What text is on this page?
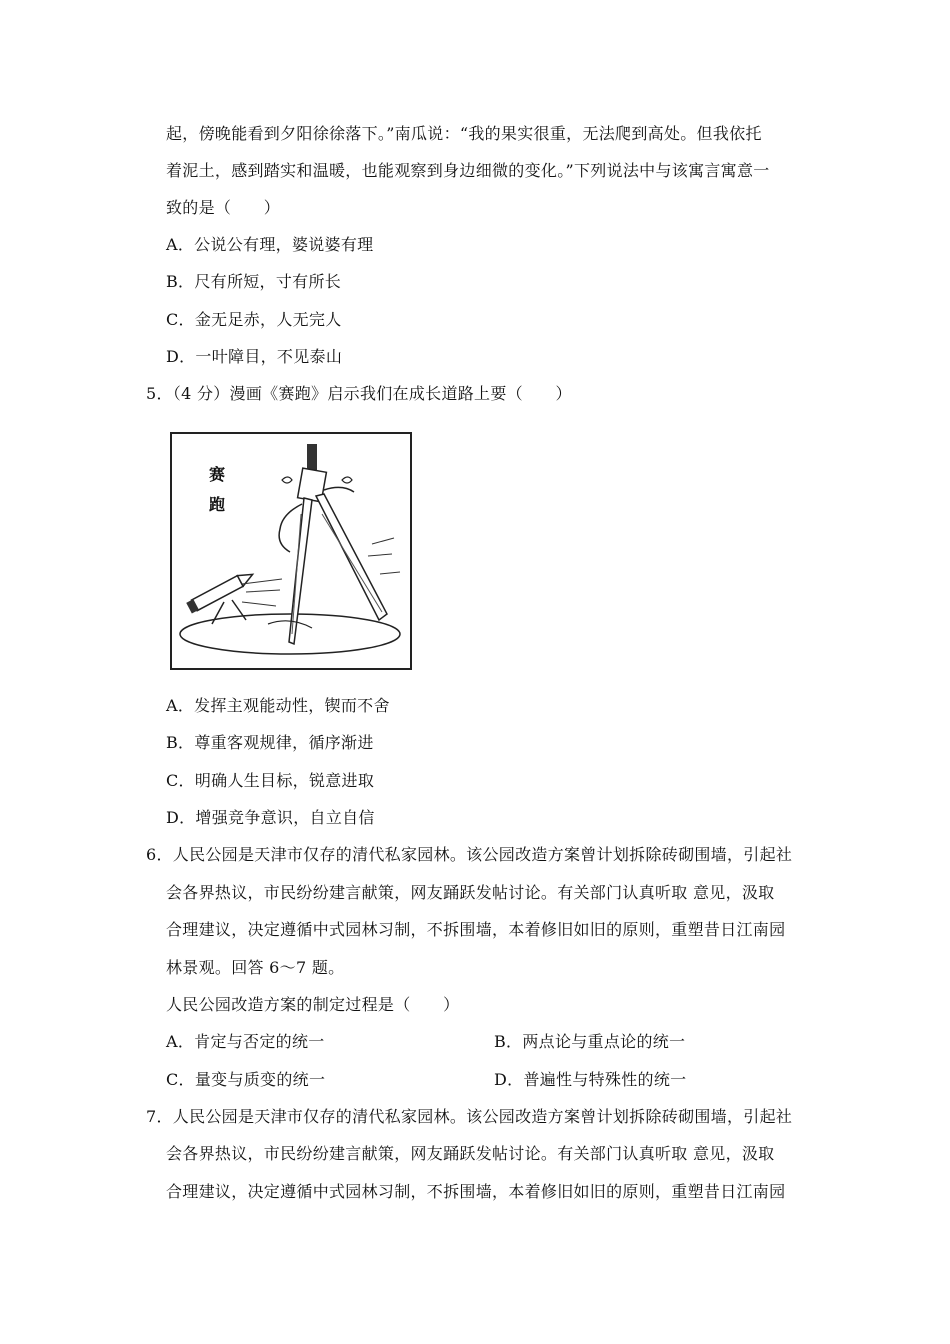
起，傍晚能看到夕阳徐徐落下。”南瓜说：“我的果实很重，无法爬到高处。但我依托
着泥土，感到踏实和温暖，也能观察到身边细微的变化。”下列说法中与该寓言寓意一
致的是（　　）
A．公说公有理，婆说婆有理
B．尺有所短，寸有所长
C．金无足赤，人无完人
D．一叶障目，不见泰山
5．（4 分）漫画《赛跑》启示我们在成长道路上要（　　）
赛跑
A．发挥主观能动性，锲而不舍
B．尊重客观规律，循序渐进
C．明确人生目标，锐意进取
D．增强竞争意识，自立自信
6．人民公园是天津市仅存的清代私家园林。该公园改造方案曾计划拆除砖砌围墙，引起社
会各界热议，市民纷纷建言献策，网友踊跃发帖讨论。有关部门认真听取 意见，汲取
合理建议，决定遵循中式园林习制，不拆围墙，本着修旧如旧的原则，重塑昔日江南园
林景观。回答 6～7 题。
人民公园改造方案的制定过程是（　　）
A．肯定与否定的统一	B．两点论与重点论的统一
C．量变与质变的统一	D．普遍性与特殊性的统一
7．人民公园是天津市仅存的清代私家园林。该公园改造方案曾计划拆除砖砌围墙，引起社
会各界热议，市民纷纷建言献策，网友踊跃发帖讨论。有关部门认真听取 意见，汲取
合理建议，决定遵循中式园林习制，不拆围墙，本着修旧如旧的原则，重塑昔日江南园
